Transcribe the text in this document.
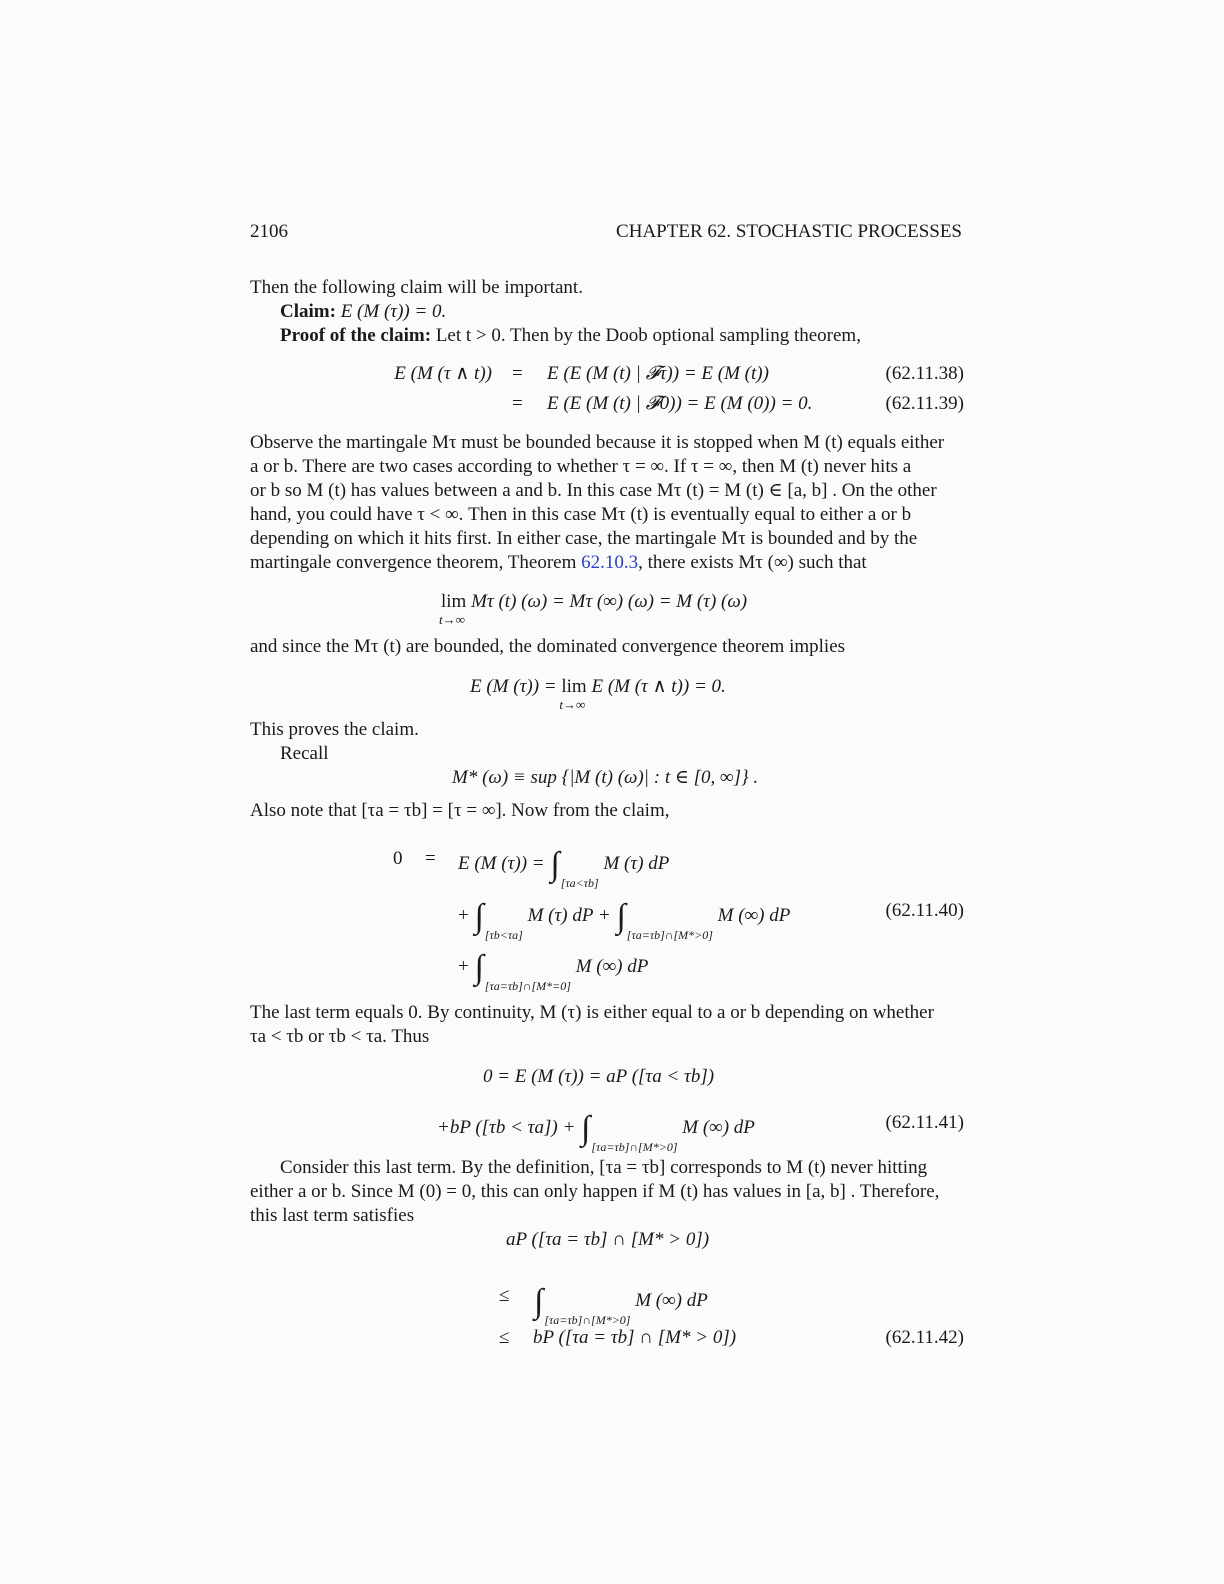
2106	CHAPTER 62. STOCHASTIC PROCESSES
Then the following claim will be important.
Claim: E (M (τ)) = 0.
Proof of the claim: Let t > 0. Then by the Doob optional sampling theorem,
E (M (τ ∧ t)) = E (E (M (t) | 𝓕τ)) = E (M (t))	(62.11.38)
= E (E (M (t) | 𝓕0)) = E (M (0)) = 0.	(62.11.39)
Observe the martingale Mτ must be bounded because it is stopped when M (t) equals either
a or b. There are two cases according to whether τ = ∞. If τ = ∞, then M (t) never hits a
or b so M (t) has values between a and b. In this case Mτ (t) = M (t) ∈ [a, b] . On the other
hand, you could have τ < ∞. Then in this case Mτ (t) is eventually equal to either a or b
depending on which it hits first. In either case, the martingale Mτ is bounded and by the
martingale convergence theorem, Theorem 62.10.3, there exists Mτ (∞) such that
lim
t→∞
Mτ (t) (ω) = Mτ (∞) (ω) = M (τ) (ω)
and since the Mτ (t) are bounded, the dominated convergence theorem implies
E (M (τ)) = lim
t→∞
E (M (τ ∧ t)) = 0.
This proves the claim.
Recall
M* (ω) ≡ sup {|M (t) (ω)| : t ∈ [0, ∞]} .
Also note that [τa = τb] = [τ = ∞]. Now from the claim,
0 = E (M $(\tau)) = \int_{[\tau a<\tau b]}$ M (τ) dP
+ $\int_{[\tau b<\tau a]}$ M (τ) dP + $\int_{[\tau a=\tau b]\cap[M*>0]}$ M (∞) dP	(62.11.40)
+ $\int_{[\tau a=\tau b]\cap[M*=0]}$ M (∞) dP
The last term equals 0. By continuity, M (τ) is either equal to a or b depending on whether
τa < τb or τb < τa. Thus
0 = E (M (τ)) = aP ([τa < τb])
+bP $([\tau b < \tau a]) + \int_{[\tau a=\tau b]\cap[M*>0]}$ M (∞) dP	(62.11.41)
Consider this last term. By the definition, [τa = τb] corresponds to M (t) never hitting
either a or b. Since M (0) = 0, this can only happen if M (t) has values in [a, b] . Therefore,
this last term satisfies
aP ([τa = τb] ∩ [M* > 0])
≤ $\int_{[\tau a=\tau b]\cap[M*>0]}$ M (∞) dP
≤ bP ([τa = τb] ∩ [M* > 0])	(62.11.42)
